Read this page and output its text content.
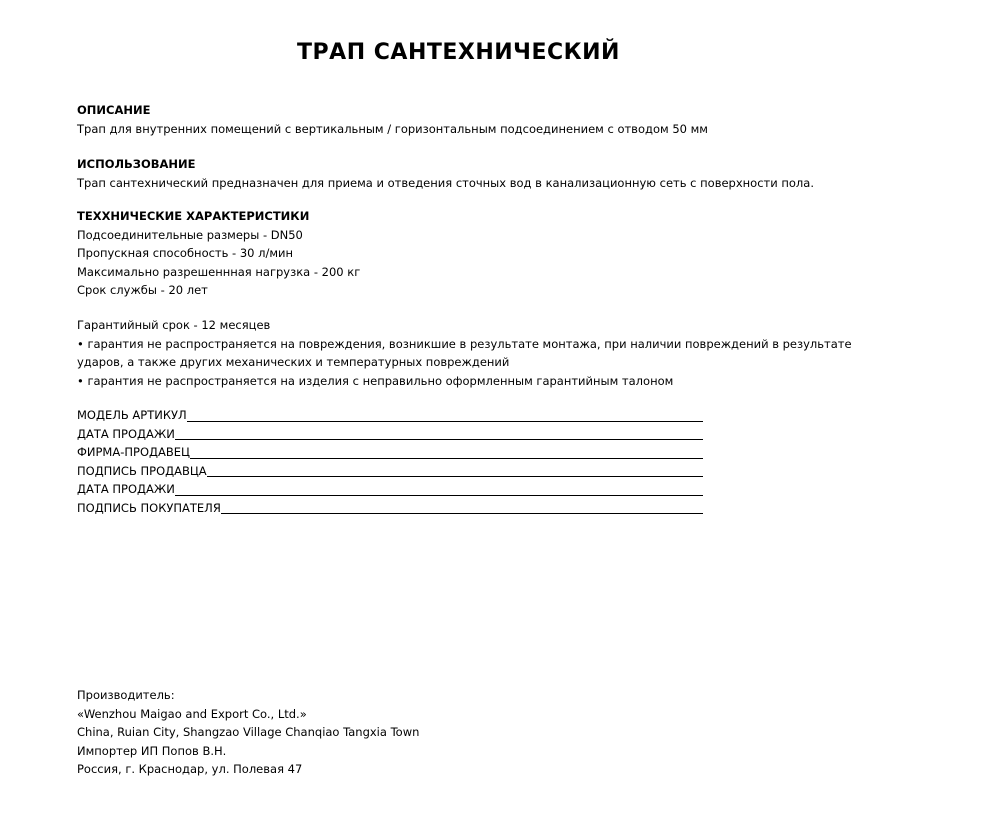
ТРАП САНТЕХНИЧЕСКИЙ
ОПИСАНИЕ
Трап для внутренних помещений с вертикальным / горизонтальным подсоединением с отводом 50 мм
ИСПОЛЬЗОВАНИЕ
Трап сантехнический предназначен для приема и отведения сточных вод в канализационную сеть с поверхности пола.
ТЕХХНИЧЕСКИЕ ХАРАКТЕРИСТИКИ
Подсоединительные размеры - DN50
Пропускная способность - 30 л/мин
Максимально разрешеннная нагрузка - 200 кг
Срок службы - 20 лет
Гарантийный срок - 12 месяцев
• гарантия не распространяется на повреждения, возникшие в результате монтажа, при наличии повреждений в результате
ударов, а также других механических и температурных повреждений
• гарантия не распространяется на изделия с неправильно оформленным гарантийным талоном
МОДЕЛЬ АРТИКУЛ
ДАТА ПРОДАЖИ
ФИРМА-ПРОДАВЕЦ
ПОДПИСЬ ПРОДАВЦА
ДАТА ПРОДАЖИ
ПОДПИСЬ ПОКУПАТЕЛЯ
Производитель:
«Wenzhou Maigao and Export Co., Ltd.»
China, Ruian City, Shangzao Village Chanqiao Tangxia Town
Импортер ИП Попов В.Н.
Россия, г. Краснодар, ул. Полевая 47
